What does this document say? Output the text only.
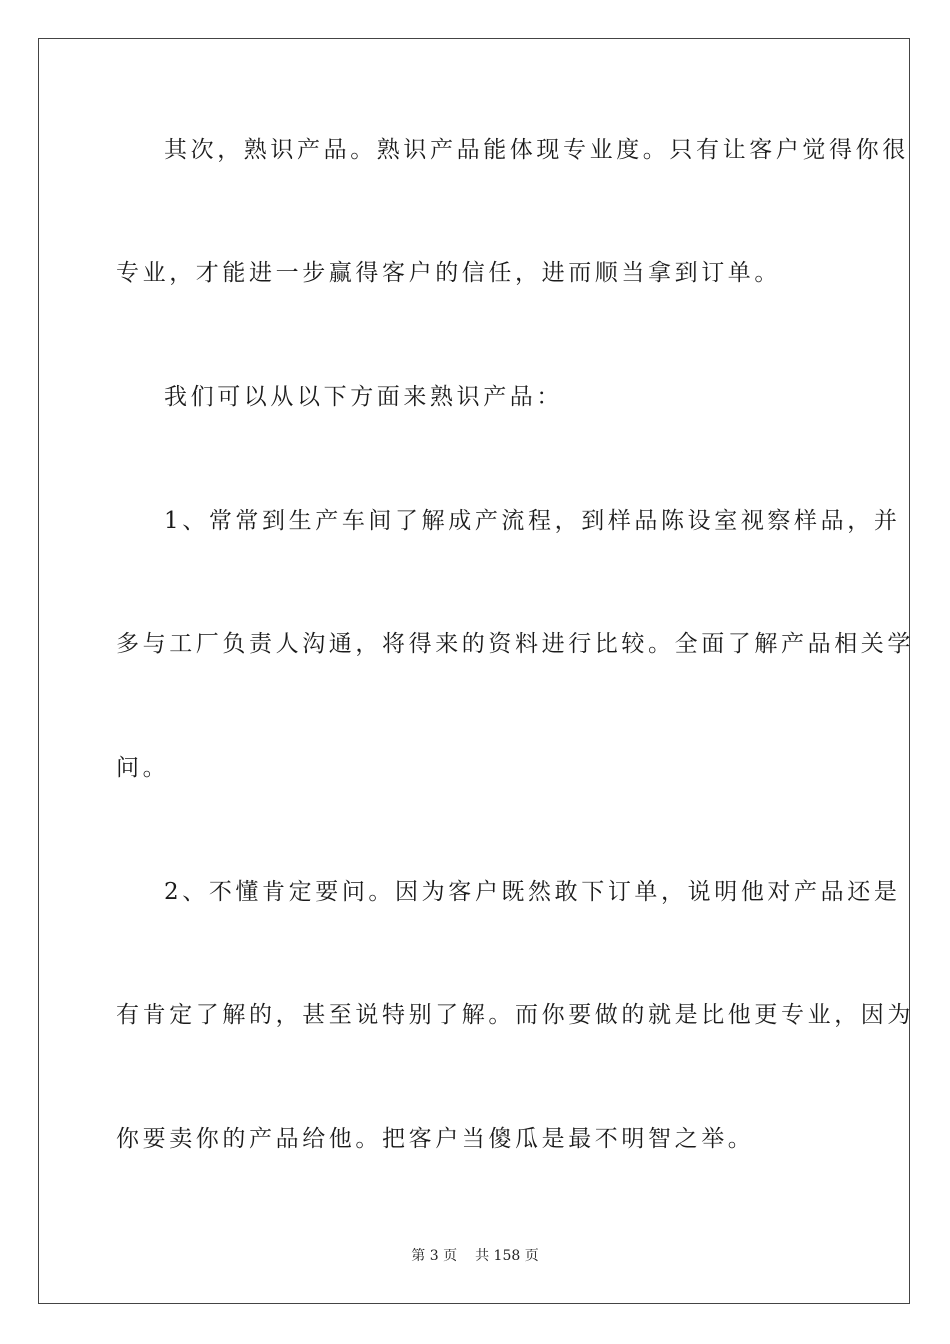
其次，熟识产品。熟识产品能体现专业度。只有让客户觉得你很
专业，才能进一步赢得客户的信任，进而顺当拿到订单。
我们可以从以下方面来熟识产品：
1、常常到生产车间了解成产流程，到样品陈设室视察样品，并
多与工厂负责人沟通，将得来的资料进行比较。全面了解产品相关学
问。
2、不懂肯定要问。因为客户既然敢下订单，说明他对产品还是
有肯定了解的，甚至说特别了解。而你要做的就是比他更专业，因为
你要卖你的产品给他。把客户当傻瓜是最不明智之举。
第 3 页 共 158 页
